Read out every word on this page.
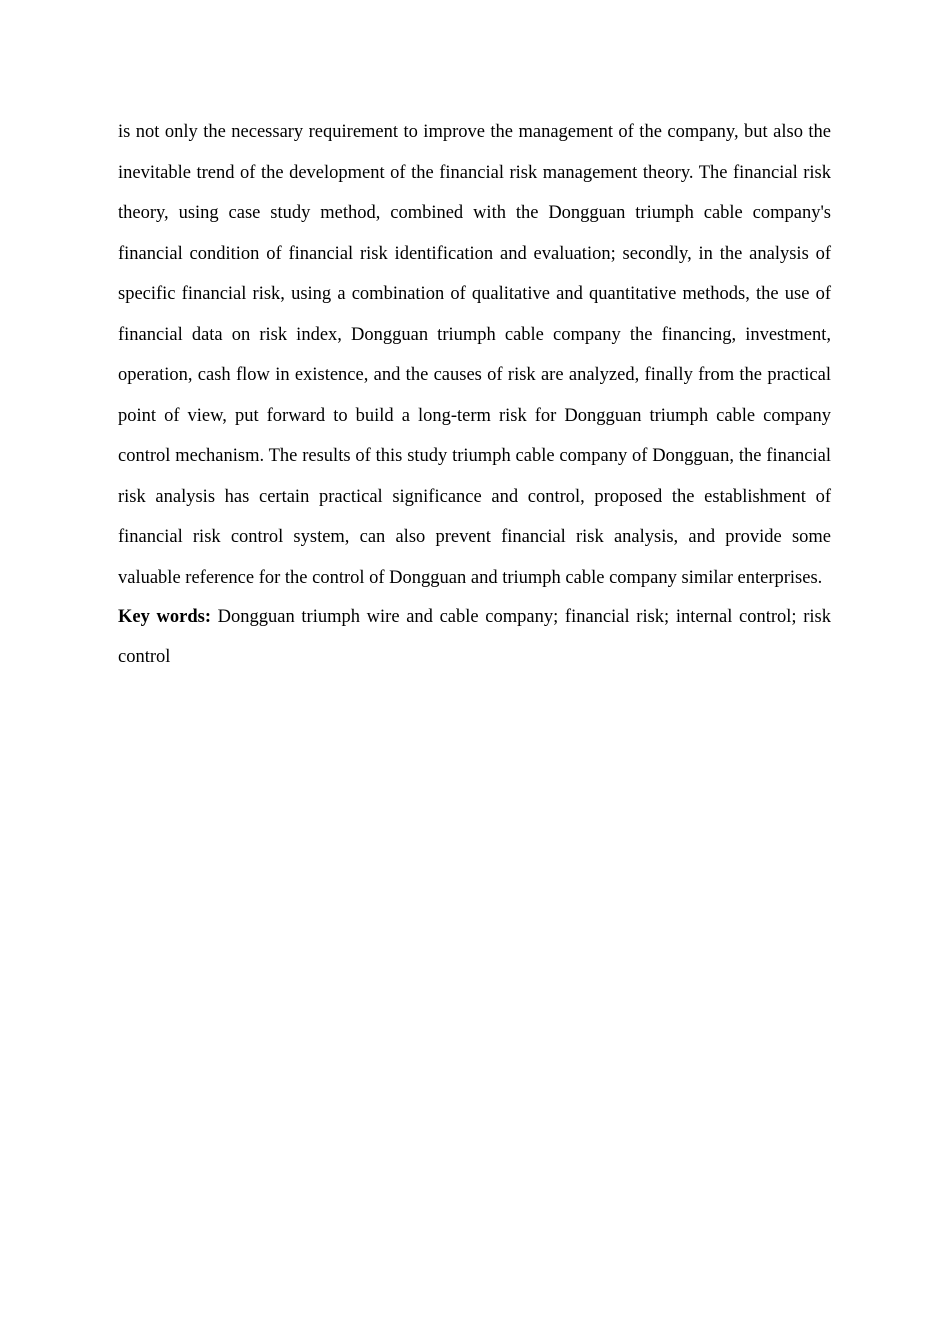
is not only the necessary requirement to improve the management of the company, but also the inevitable trend of the development of the financial risk management theory. The financial risk theory, using case study method, combined with the Dongguan triumph cable company's financial condition of financial risk identification and evaluation; secondly, in the analysis of specific financial risk, using a combination of qualitative and quantitative methods, the use of financial data on risk index, Dongguan triumph cable company the financing, investment, operation, cash flow in existence, and the causes of risk are analyzed, finally from the practical point of view, put forward to build a long-term risk for Dongguan triumph cable company control mechanism. The results of this study triumph cable company of Dongguan, the financial risk analysis has certain practical significance and control, proposed the establishment of financial risk control system, can also prevent financial risk analysis, and provide some valuable reference for the control of Dongguan and triumph cable company similar enterprises.

Key words: Dongguan triumph wire and cable company; financial risk; internal control; risk control
